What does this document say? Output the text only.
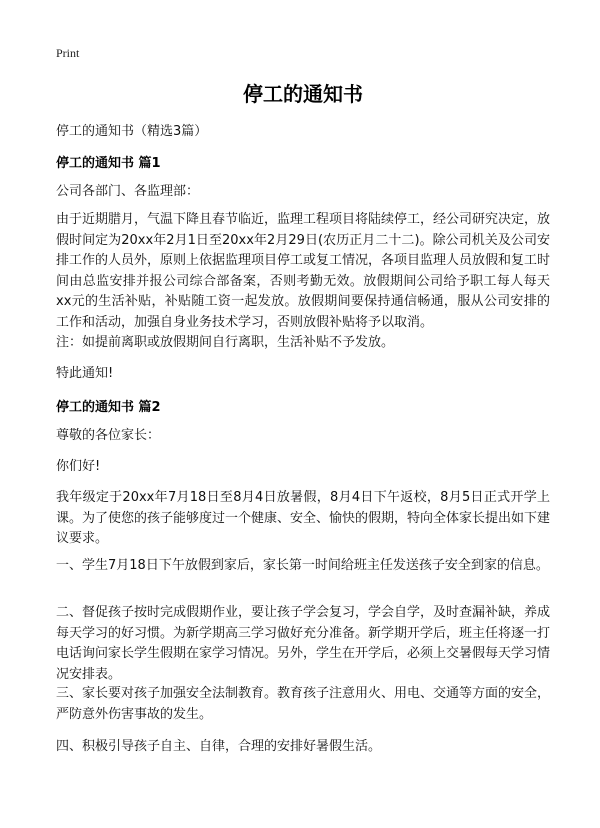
Print
停工的通知书
停工的通知书（精选3篇）
停工的通知书 篇1
公司各部门、各监理部：
由于近期腊月，气温下降且春节临近，监理工程项目将陆续停工，经公司研究决定，放假时间定为20xx年2月1日至20xx年2月29日(农历正月二十二)。除公司机关及公司安排工作的人员外，原则上依据监理项目停工或复工情况，各项目监理人员放假和复工时间由总监安排并报公司综合部备案，否则考勤无效。放假期间公司给予职工每人每天xx元的生活补贴，补贴随工资一起发放。放假期间要保持通信畅通，服从公司安排的工作和活动，加强自身业务技术学习，否则放假补贴将予以取消。
注：如提前离职或放假期间自行离职，生活补贴不予发放。
特此通知!
停工的通知书 篇2
尊敬的各位家长：
你们好!
我年级定于20xx年7月18日至8月4日放暑假，8月4日下午返校，8月5日正式开学上课。为了使您的孩子能够度过一个健康、安全、愉快的假期，特向全体家长提出如下建议要求。
一、学生7月18日下午放假到家后，家长第一时间给班主任发送孩子安全到家的信息。
二、督促孩子按时完成假期作业，要让孩子学会复习，学会自学，及时查漏补缺，养成每天学习的好习惯。为新学期高三学习做好充分准备。新学期开学后，班主任将逐一打电话询问家长学生假期在家学习情况。另外，学生在开学后，必须上交暑假每天学习情况安排表。
三、家长要对孩子加强安全法制教育。教育孩子注意用火、用电、交通等方面的安全，严防意外伤害事故的发生。
四、积极引导孩子自主、自律，合理的安排好暑假生活。
